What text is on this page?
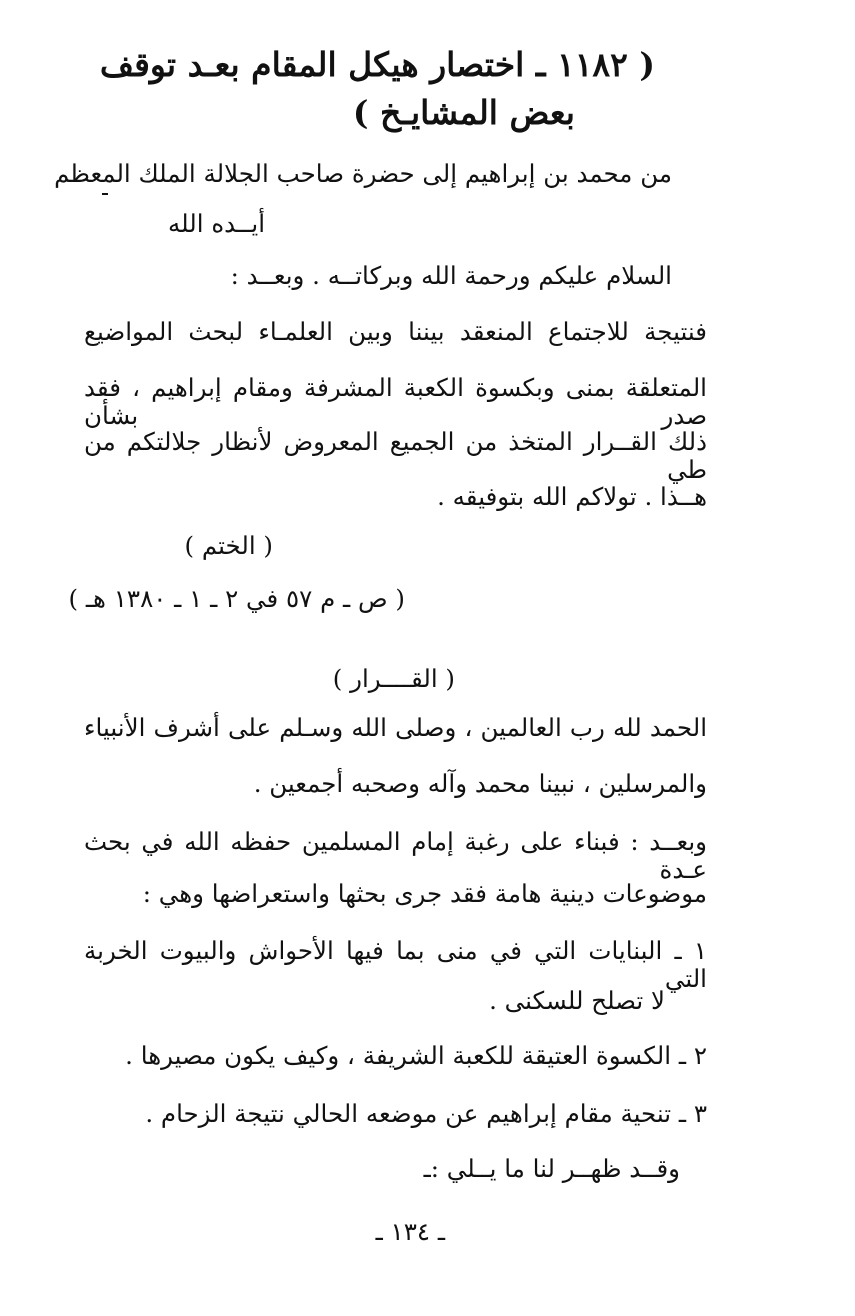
( ١١٨٢ ـ اختصار هيكل المقام بعـد توقف
بعض المشايـخ )
من محمد بن إبراهيم إلى حضرة صاحب الجلالة الملك المعظم
أيــده الله
السلام عليكم ورحمة الله وبركاتــه . وبعــد :
فنتيجة للاجتماع المنعقد بيننا وبين العلمـاء لبحث المواضيع
المتعلقة بمنى وبكسوة الكعبة المشرفة ومقام إبراهيم ، فقد صدر بشأن
ذلك القــرار المتخذ من الجميع المعروض لأنظار جلالتكم من طي
هــذا . تولاكم الله بتوفيقه .
( الختم )
( ص ـ م ٥٧ في ٢ ـ ١ ـ ١٣٨٠ هـ )
( القــــرار )
الحمد لله رب العالمين ، وصلى الله وسـلم على أشرف الأنبياء
والمرسلين ، نبينا محمد وآله وصحبه أجمعين .
وبعــد : فبناء على رغبة إمام المسلمين حفظه الله في بحث عـدة
موضوعات دينية هامة فقد جرى بحثها واستعراضها وهي :
١ ـ البنايات التي في منى بما فيها الأحواش والبيوت الخربة التي
لا تصلح للسكنى .
٢ ـ الكسوة العتيقة للكعبة الشريفة ، وكيف يكون مصيرها .
٣ ـ تنحية مقام إبراهيم عن موضعه الحالي نتيجة الزحام .
وقــد ظهــر لنا ما يــلي :ـ
ـ ١٣٤ ـ
